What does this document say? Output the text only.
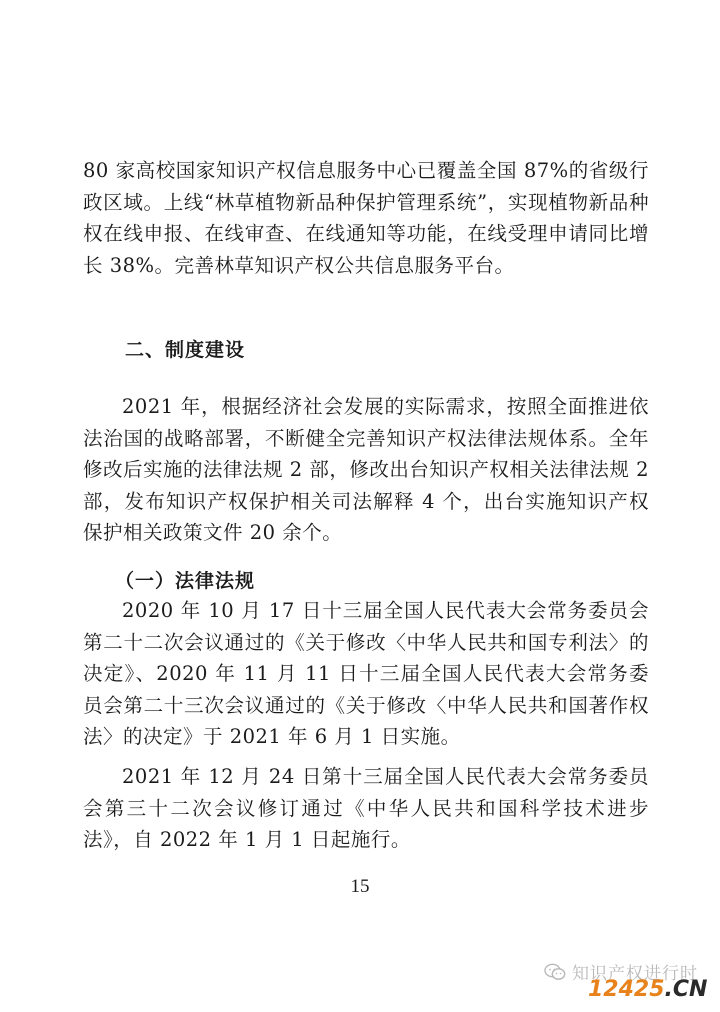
80 家高校国家知识产权信息服务中心已覆盖全国 87%的省级行政区域。上线“林草植物新品种保护管理系统”，实现植物新品种权在线申报、在线审查、在线通知等功能，在线受理申请同比增长 38%。完善林草知识产权公共信息服务平台。

二、制度建设

2021 年，根据经济社会发展的实际需求，按照全面推进依法治国的战略部署，不断健全完善知识产权法律法规体系。全年修改后实施的法律法规 2 部，修改出台知识产权相关法律法规 2 部，发布知识产权保护相关司法解释 4 个，出台实施知识产权保护相关政策文件 20 余个。

（一）法律法规

2020 年 10 月 17 日十三届全国人民代表大会常务委员会第二十二次会议通过的《关于修改〈中华人民共和国专利法〉的决定》、2020 年 11 月 11 日十三届全国人民代表大会常务委员会第二十三次会议通过的《关于修改〈中华人民共和国著作权法〉的决定》于 2021 年 6 月 1 日实施。

2021 年 12 月 24 日第十三届全国人民代表大会常务委员会第三十二次会议修订通过《中华人民共和国科学技术进步法》，自 2022 年 1 月 1 日起施行。

15
知识产权进行时
12425.CN
